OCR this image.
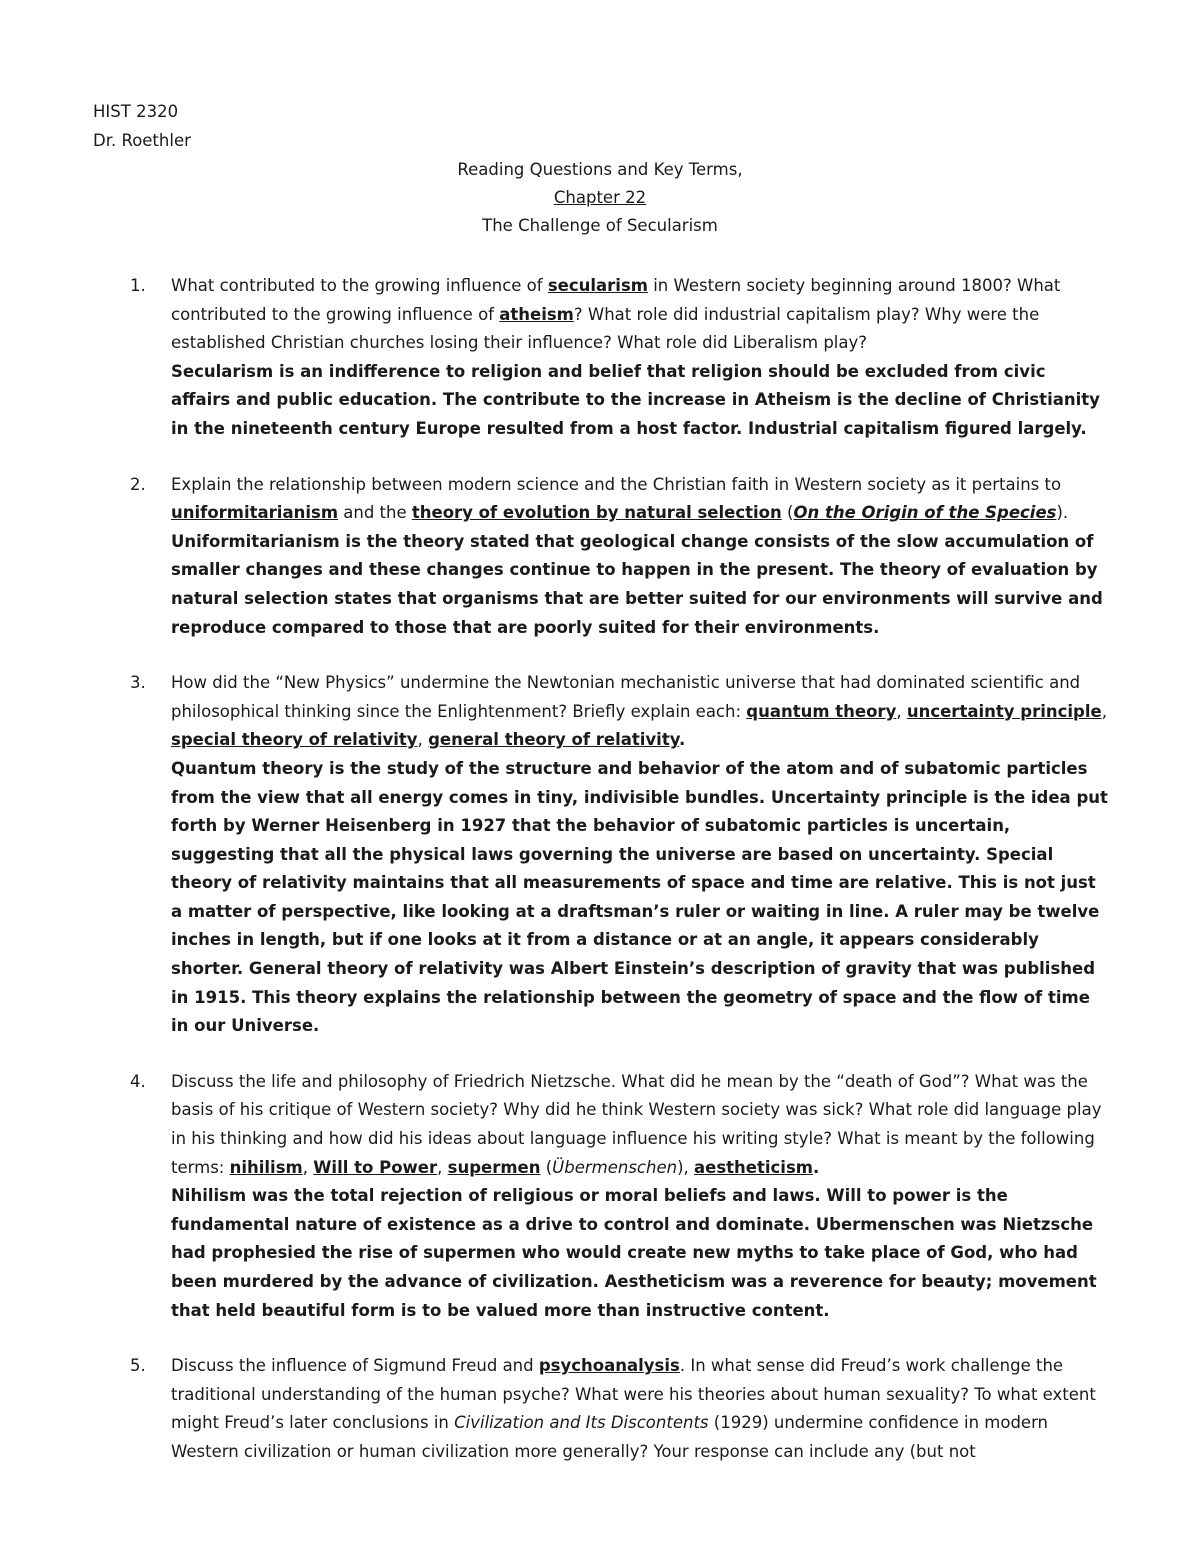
HIST 2320
Dr. Roethler
Reading Questions and Key Terms,
Chapter 22
The Challenge of Secularism
1. What contributed to the growing influence of secularism in Western society beginning around 1800? What contributed to the growing influence of atheism? What role did industrial capitalism play? Why were the established Christian churches losing their influence? What role did Liberalism play?
Secularism is an indifference to religion and belief that religion should be excluded from civic affairs and public education. The contribute to the increase in Atheism is the decline of Christianity in the nineteenth century Europe resulted from a host factor. Industrial capitalism figured largely.
2. Explain the relationship between modern science and the Christian faith in Western society as it pertains to uniformitarianism and the theory of evolution by natural selection (On the Origin of the Species).
Uniformitarianism is the theory stated that geological change consists of the slow accumulation of smaller changes and these changes continue to happen in the present. The theory of evaluation by natural selection states that organisms that are better suited for our environments will survive and reproduce compared to those that are poorly suited for their environments.
3. How did the “New Physics” undermine the Newtonian mechanistic universe that had dominated scientific and philosophical thinking since the Enlightenment? Briefly explain each: quantum theory, uncertainty principle, special theory of relativity, general theory of relativity.
Quantum theory is the study of the structure and behavior of the atom and of subatomic particles from the view that all energy comes in tiny, indivisible bundles. Uncertainty principle is the idea put forth by Werner Heisenberg in 1927 that the behavior of subatomic particles is uncertain, suggesting that all the physical laws governing the universe are based on uncertainty. Special theory of relativity maintains that all measurements of space and time are relative. This is not just a matter of perspective, like looking at a draftsman’s ruler or waiting in line. A ruler may be twelve inches in length, but if one looks at it from a distance or at an angle, it appears considerably shorter. General theory of relativity was Albert Einstein’s description of gravity that was published in 1915. This theory explains the relationship between the geometry of space and the flow of time in our Universe.
4. Discuss the life and philosophy of Friedrich Nietzsche. What did he mean by the “death of God”? What was the basis of his critique of Western society? Why did he think Western society was sick? What role did language play in his thinking and how did his ideas about language influence his writing style? What is meant by the following terms: nihilism, Will to Power, supermen (Übermenschen), aestheticism.
Nihilism was the total rejection of religious or moral beliefs and laws. Will to power is the fundamental nature of existence as a drive to control and dominate. Ubermenschen was Nietzsche had prophesied the rise of supermen who would create new myths to take place of God, who had been murdered by the advance of civilization. Aestheticism was a reverence for beauty; movement that held beautiful form is to be valued more than instructive content.
5. Discuss the influence of Sigmund Freud and psychoanalysis. In what sense did Freud’s work challenge the traditional understanding of the human psyche? What were his theories about human sexuality? To what extent might Freud’s later conclusions in Civilization and Its Discontents (1929) undermine confidence in modern Western civilization or human civilization more generally? Your response can include any (but not
